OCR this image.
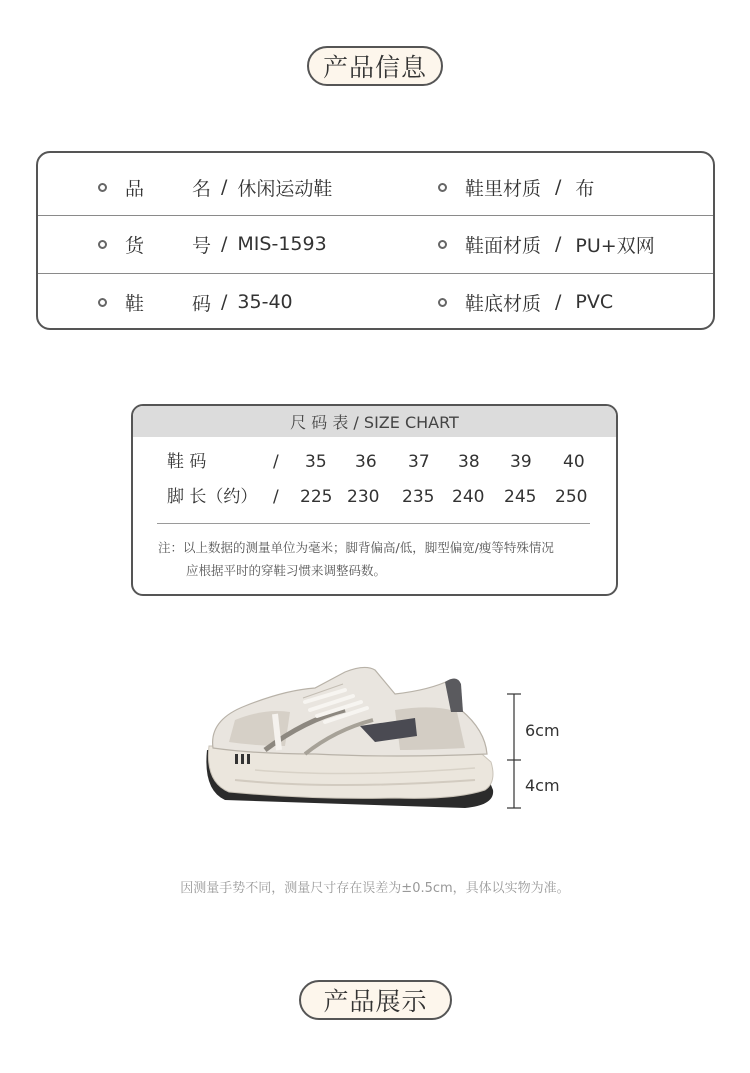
产品信息
品名 / 休闲运动鞋	鞋里材质 / 布
货号 / MIS-1593	鞋面材质 / PU+双网
鞋码 / 35-40	鞋底材质 / PVC
尺 码 表 / SIZE CHART
鞋 码	/ 35 36 37 38 39 40
脚 长（约） / 225 230 235 240 245 250
注：以上数据的测量单位为毫米；脚背偏高/低，脚型偏宽/瘦等特殊情况
应根据平时的穿鞋习惯来调整码数。
6cm
4cm
因测量手势不同，测量尺寸存在误差为±0.5cm，具体以实物为准。
产品展示
